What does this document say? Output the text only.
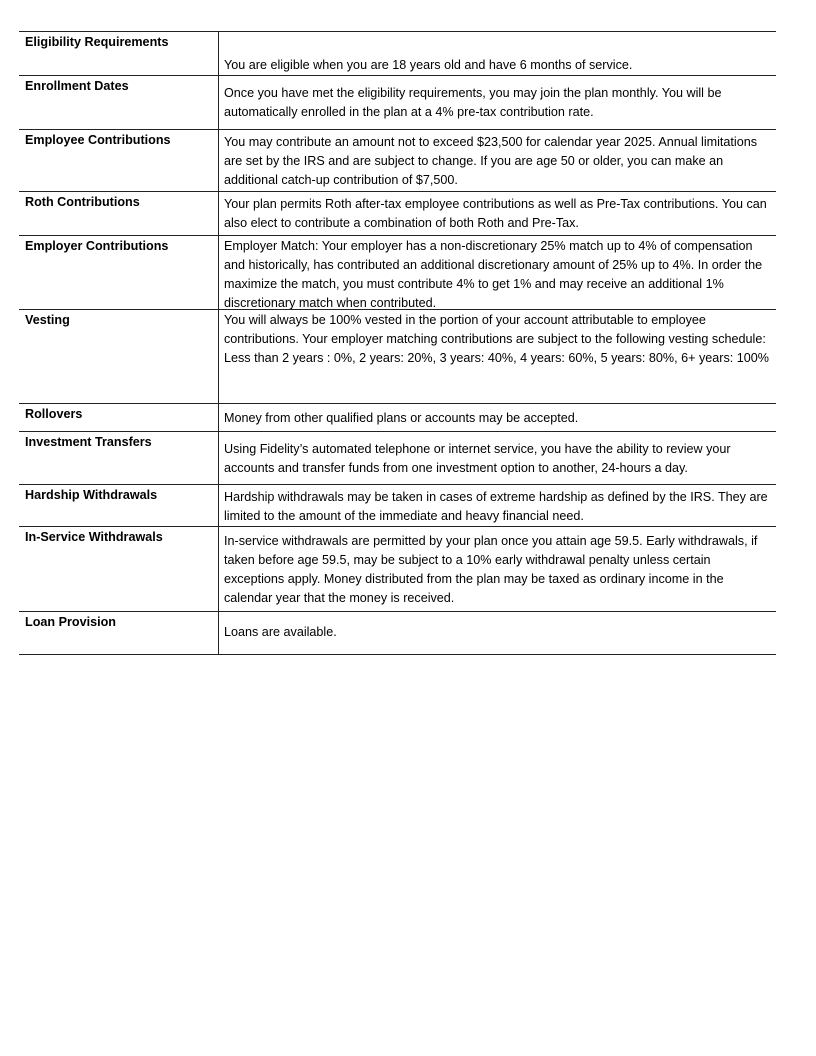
Eligibility Requirements	You are eligible when you are 18 years old and have 6 months of service.

Enrollment Dates	Once you have met the eligibility requirements, you may join the plan monthly. You will be automatically enrolled in the plan at a 4% pre-tax contribution rate.

Employee Contributions	You may contribute an amount not to exceed $23,500 for calendar year 2025. Annual limitations are set by the IRS and are subject to change. If you are age 50 or older, you can make an additional catch-up contribution of $7,500.

Roth Contributions	Your plan permits Roth after-tax employee contributions as well as Pre-Tax contributions. You can also elect to contribute a combination of both Roth and Pre-Tax.

Employer Contributions	Employer Match: Your employer has a non-discretionary 25% match up to 4% of compensation and historically, has contributed an additional discretionary amount of 25% up to 4%. In order the maximize the match, you must contribute 4% to get 1% and may receive an additional 1% discretionary match when contributed.

Vesting	You will always be 100% vested in the portion of your account attributable to employee contributions. Your employer matching contributions are subject to the following vesting schedule: Less than 2 years : 0%, 2 years: 20%, 3 years: 40%, 4 years: 60%, 5 years: 80%, 6+ years: 100%

Rollovers	Money from other qualified plans or accounts may be accepted.

Investment Transfers	Using Fidelity’s automated telephone or internet service, you have the ability to review your accounts and transfer funds from one investment option to another, 24-hours a day.

Hardship Withdrawals	Hardship withdrawals may be taken in cases of extreme hardship as defined by the IRS. They are limited to the amount of the immediate and heavy financial need.

In-Service Withdrawals	In-service withdrawals are permitted by your plan once you attain age 59.5. Early withdrawals, if taken before age 59.5, may be subject to a 10% early withdrawal penalty unless certain exceptions apply. Money distributed from the plan may be taxed as ordinary income in the calendar year that the money is received.

Loan Provision	Loans are available.
